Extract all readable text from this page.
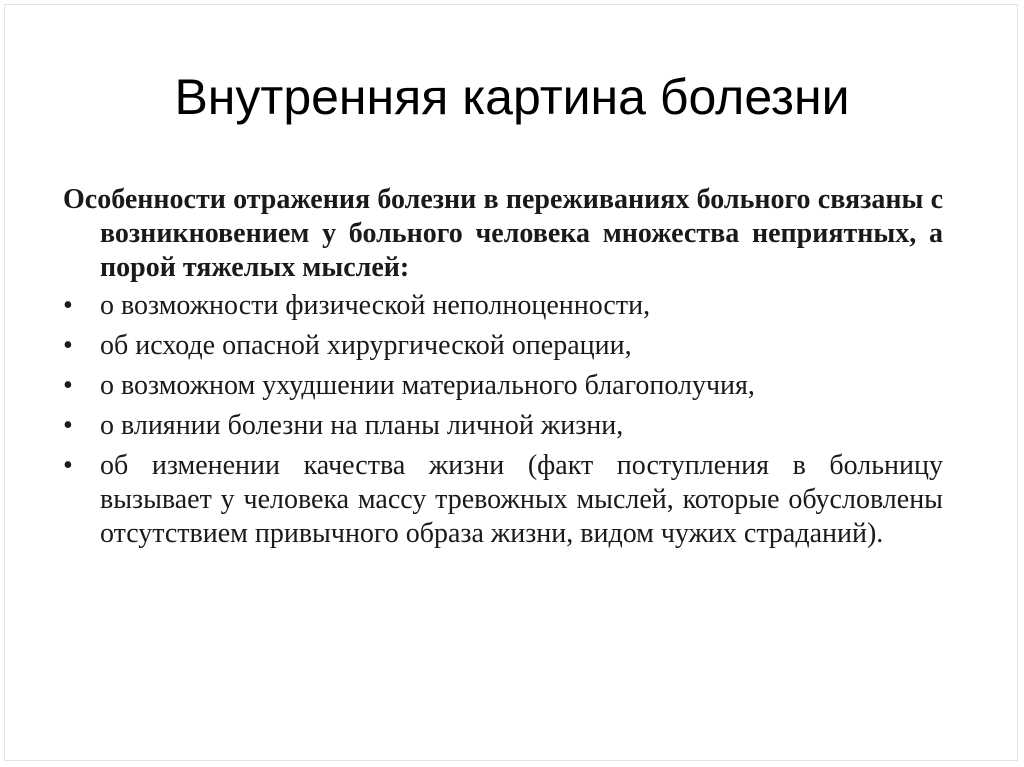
Внутренняя картина болезни

Особенности отражения болезни в переживаниях больного связаны с возникновением у больного человека множества неприятных, а порой тяжелых мыслей:

• о возможности физической неполноценности,
• об исходе опасной хирургической операции,
• о возможном ухудшении материального благополучия,
• о влиянии болезни на планы личной жизни,
• об изменении качества жизни (факт поступления в больницу вызывает у человека массу тревожных мыслей, которые обусловлены отсутствием привычного образа жизни, видом чужих страданий).
